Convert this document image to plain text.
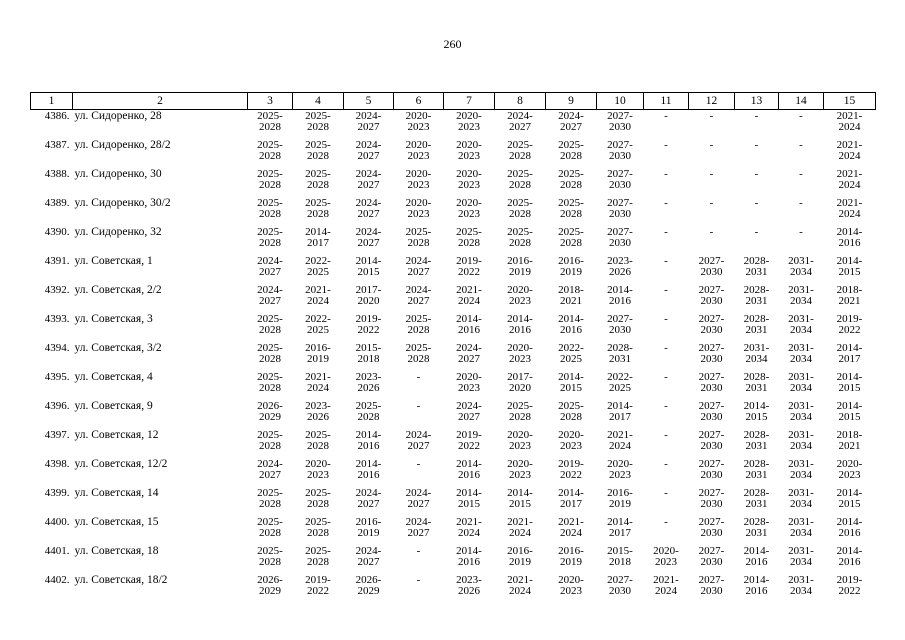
260
1	2	3	4	5	6	7	8	9	10	11	12	13	14	15
4386.	ул. Сидоренко, 28	2025-
2028	2025-
2028	2024-
2027	2020-
2023	2020-
2023	2024-
2027	2024-
2027	2027-
2030	-	-	-	-	2021-
2024

4387.	ул. Сидоренко, 28/2	2025-
2028	2025-
2028	2024-
2027	2020-
2023	2020-
2023	2025-
2028	2025-
2028	2027-
2030	-	-	-	-	2021-
2024

4388.	ул. Сидоренко, 30	2025-
2028	2025-
2028	2024-
2027	2020-
2023	2020-
2023	2025-
2028	2025-
2028	2027-
2030	-	-	-	-	2021-
2024

4389.	ул. Сидоренко, 30/2	2025-
2028	2025-
2028	2024-
2027	2020-
2023	2020-
2023	2025-
2028	2025-
2028	2027-
2030	-	-	-	-	2021-
2024

4390.	ул. Сидоренко, 32	2025-
2028	2014-
2017	2024-
2027	2025-
2028	2025-
2028	2025-
2028	2025-
2028	2027-
2030	-	-	-	-	2014-
2016

4391.	ул. Советская, 1	2024-
2027	2022-
2025	2014-
2015	2024-
2027	2019-
2022	2016-
2019	2016-
2019	2023-
2026	-	2027-
2030	2028-
2031	2031-
2034	2014-
2015

4392.	ул. Советская, 2/2	2024-
2027	2021-
2024	2017-
2020	2024-
2027	2021-
2024	2020-
2023	2018-
2021	2014-
2016	-	2027-
2030	2028-
2031	2031-
2034	2018-
2021

4393.	ул. Советская, 3	2025-
2028	2022-
2025	2019-
2022	2025-
2028	2014-
2016	2014-
2016	2014-
2016	2027-
2030	-	2027-
2030	2028-
2031	2031-
2034	2019-
2022

4394.	ул. Советская, 3/2	2025-
2028	2016-
2019	2015-
2018	2025-
2028	2024-
2027	2020-
2023	2022-
2025	2028-
2031	-	2027-
2030	2031-
2034	2031-
2034	2014-
2017

4395.	ул. Советская, 4	2025-
2028	2021-
2024	2023-
2026	-	2020-
2023	2017-
2020	2014-
2015	2022-
2025	-	2027-
2030	2028-
2031	2031-
2034	2014-
2015

4396.	ул. Советская, 9	2026-
2029	2023-
2026	2025-
2028	-	2024-
2027	2025-
2028	2025-
2028	2014-
2017	-	2027-
2030	2014-
2015	2031-
2034	2014-
2015

4397.	ул. Советская, 12	2025-
2028	2025-
2028	2014-
2016	2024-
2027	2019-
2022	2020-
2023	2020-
2023	2021-
2024	-	2027-
2030	2028-
2031	2031-
2034	2018-
2021

4398.	ул. Советская, 12/2	2024-
2027	2020-
2023	2014-
2016	-	2014-
2016	2020-
2023	2019-
2022	2020-
2023	-	2027-
2030	2028-
2031	2031-
2034	2020-
2023

4399.	ул. Советская, 14	2025-
2028	2025-
2028	2024-
2027	2024-
2027	2014-
2015	2014-
2015	2014-
2017	2016-
2019	-	2027-
2030	2028-
2031	2031-
2034	2014-
2015

4400.	ул. Советская, 15	2025-
2028	2025-
2028	2016-
2019	2024-
2027	2021-
2024	2021-
2024	2021-
2024	2014-
2017	-	2027-
2030	2028-
2031	2031-
2034	2014-
2016

4401.	ул. Советская, 18	2025-
2028	2025-
2028	2024-
2027	-	2014-
2016	2016-
2019	2016-
2019	2015-
2018	2020-
2023	2027-
2030	2014-
2016	2031-
2034	2014-
2016

4402.	ул. Советская, 18/2	2026-
2029	2019-
2022	2026-
2029	-	2023-
2026	2021-
2024	2020-
2023	2027-
2030	2021-
2024	2027-
2030	2014-
2016	2031-
2034	2019-
2022
